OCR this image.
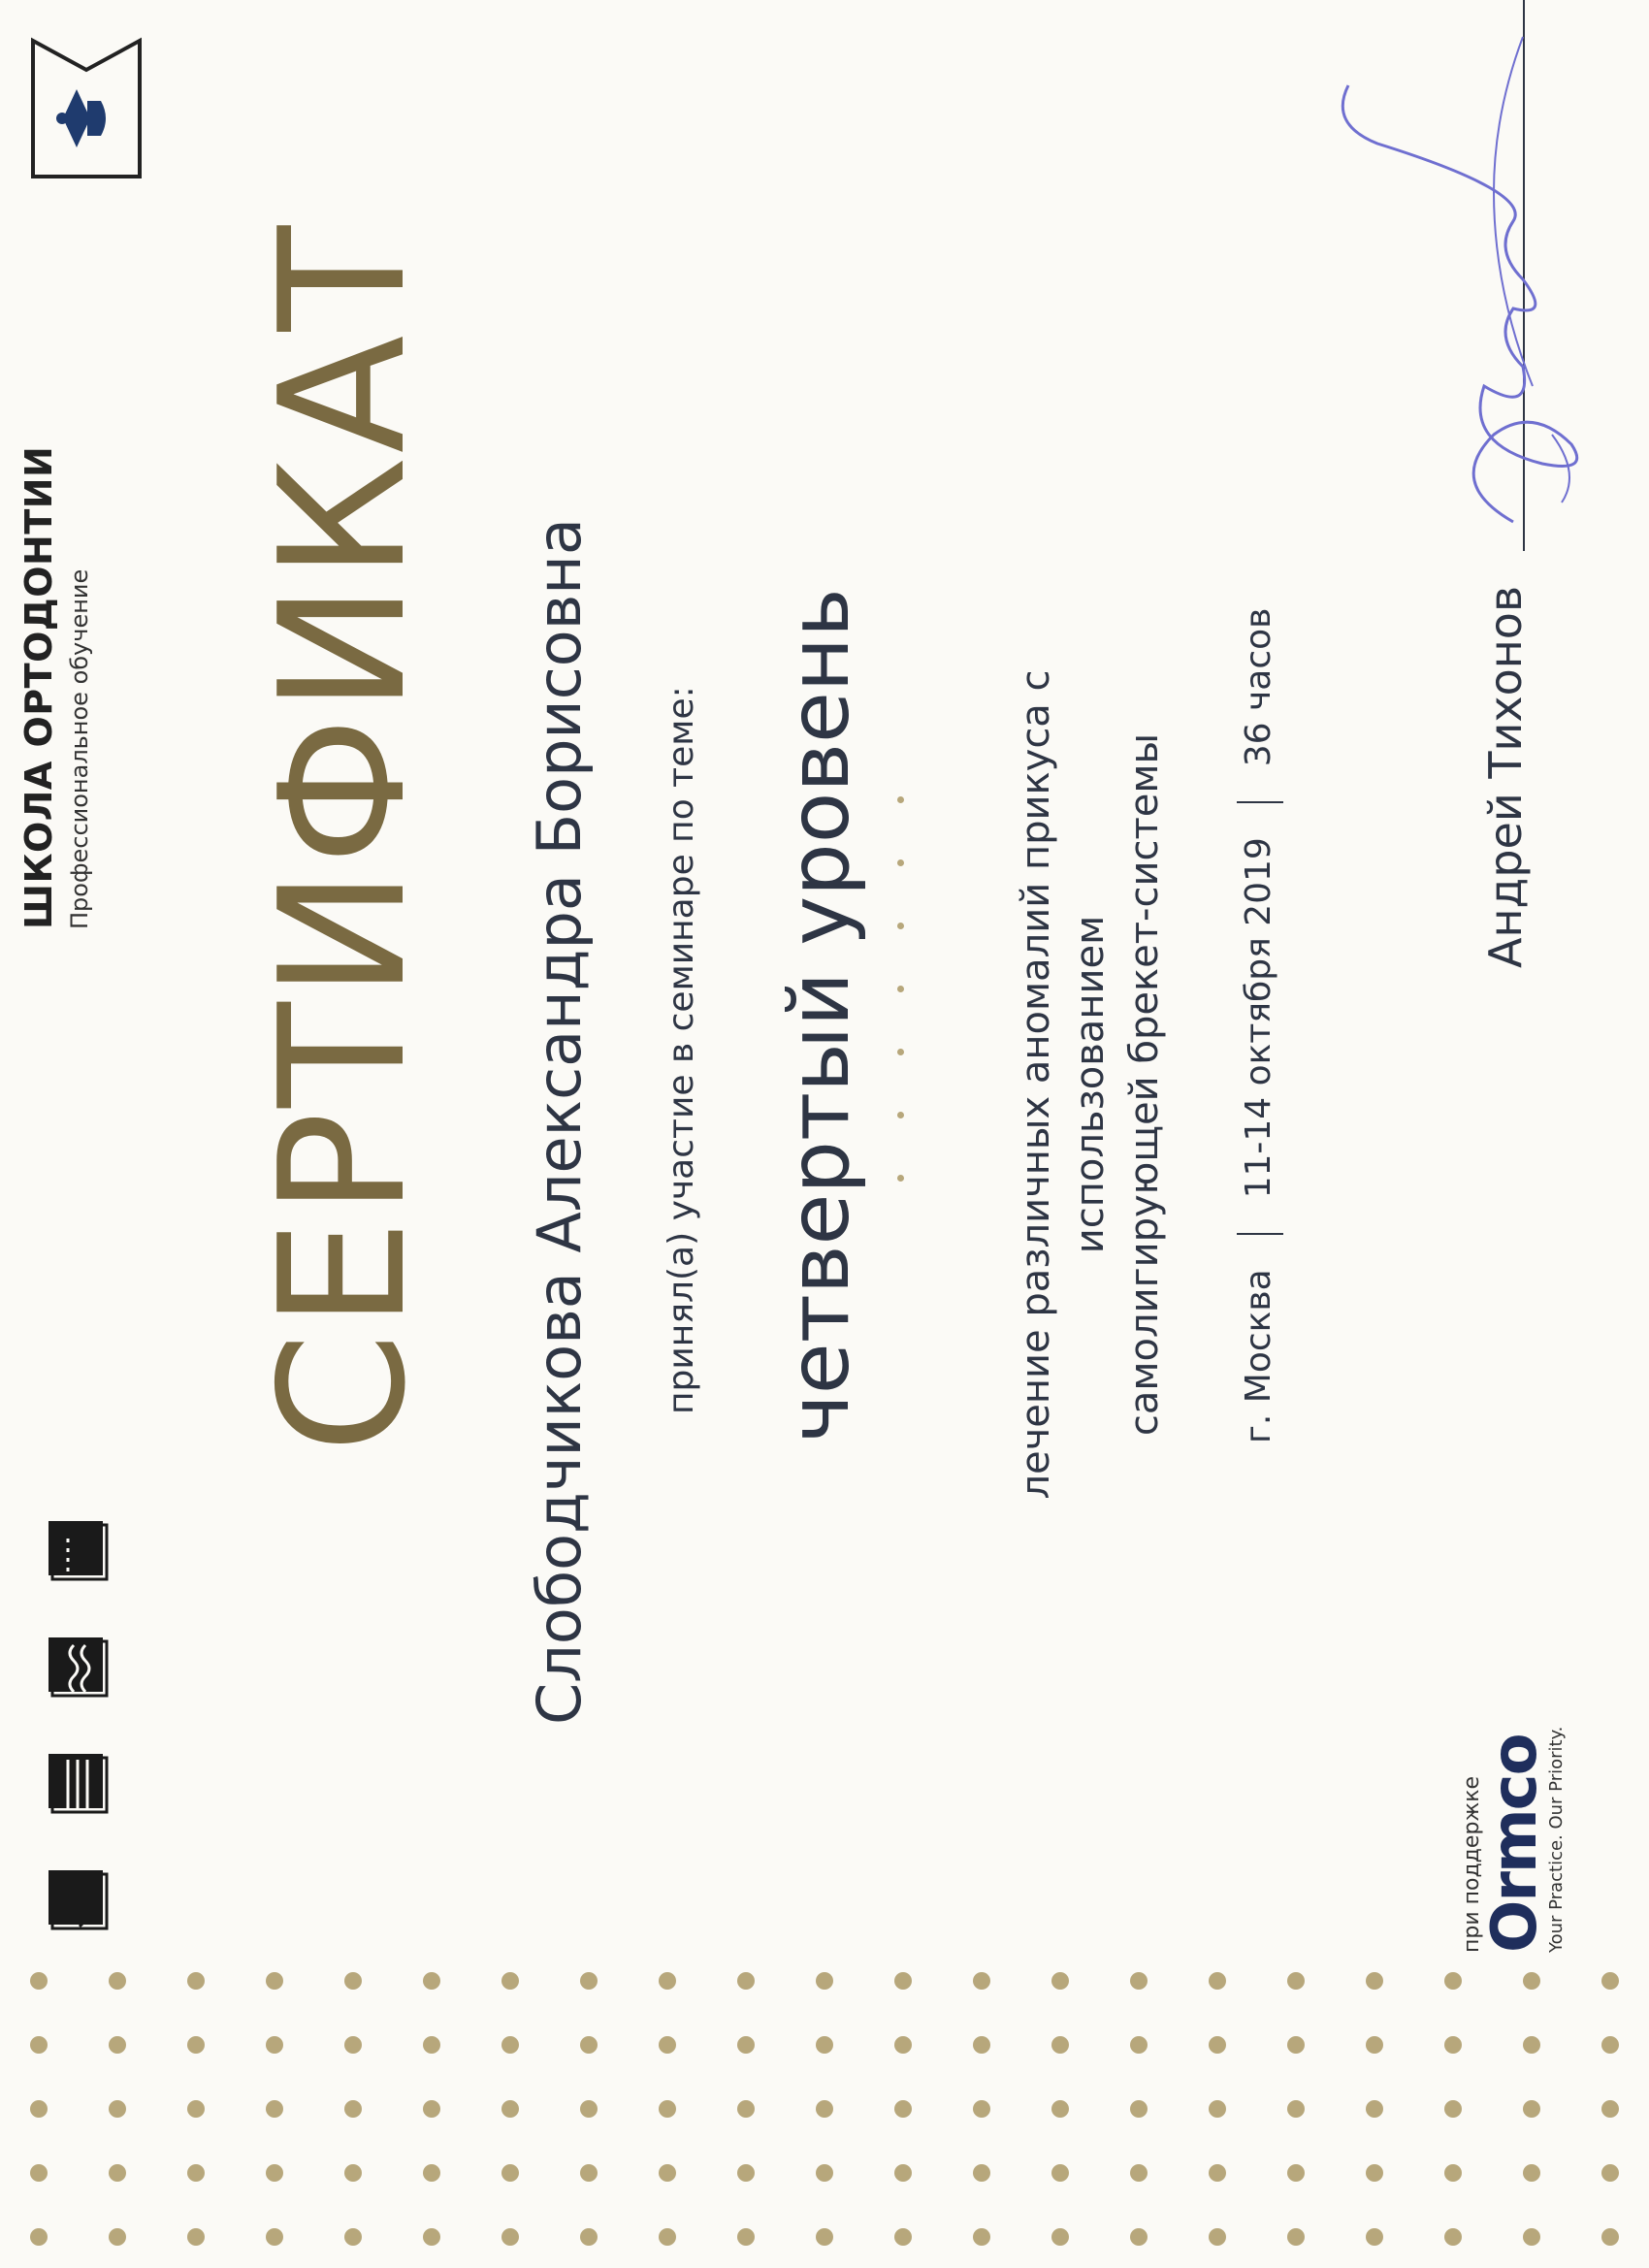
ШКОЛА ОРТОДОНТИИ Профессиональное обучение СЕРТИФИКАТ Слободчикова Александра Борисовна принял(а) участие в семинаре по теме: четвертый уровень	лечение различных аномалий прикуса с использованием самолигирующей брекет-системы г. Москва  11-14 октября 2019  36 часов	Андрей Тихонов
при поддержке
Ormco
Your Practice. Our Priority.
